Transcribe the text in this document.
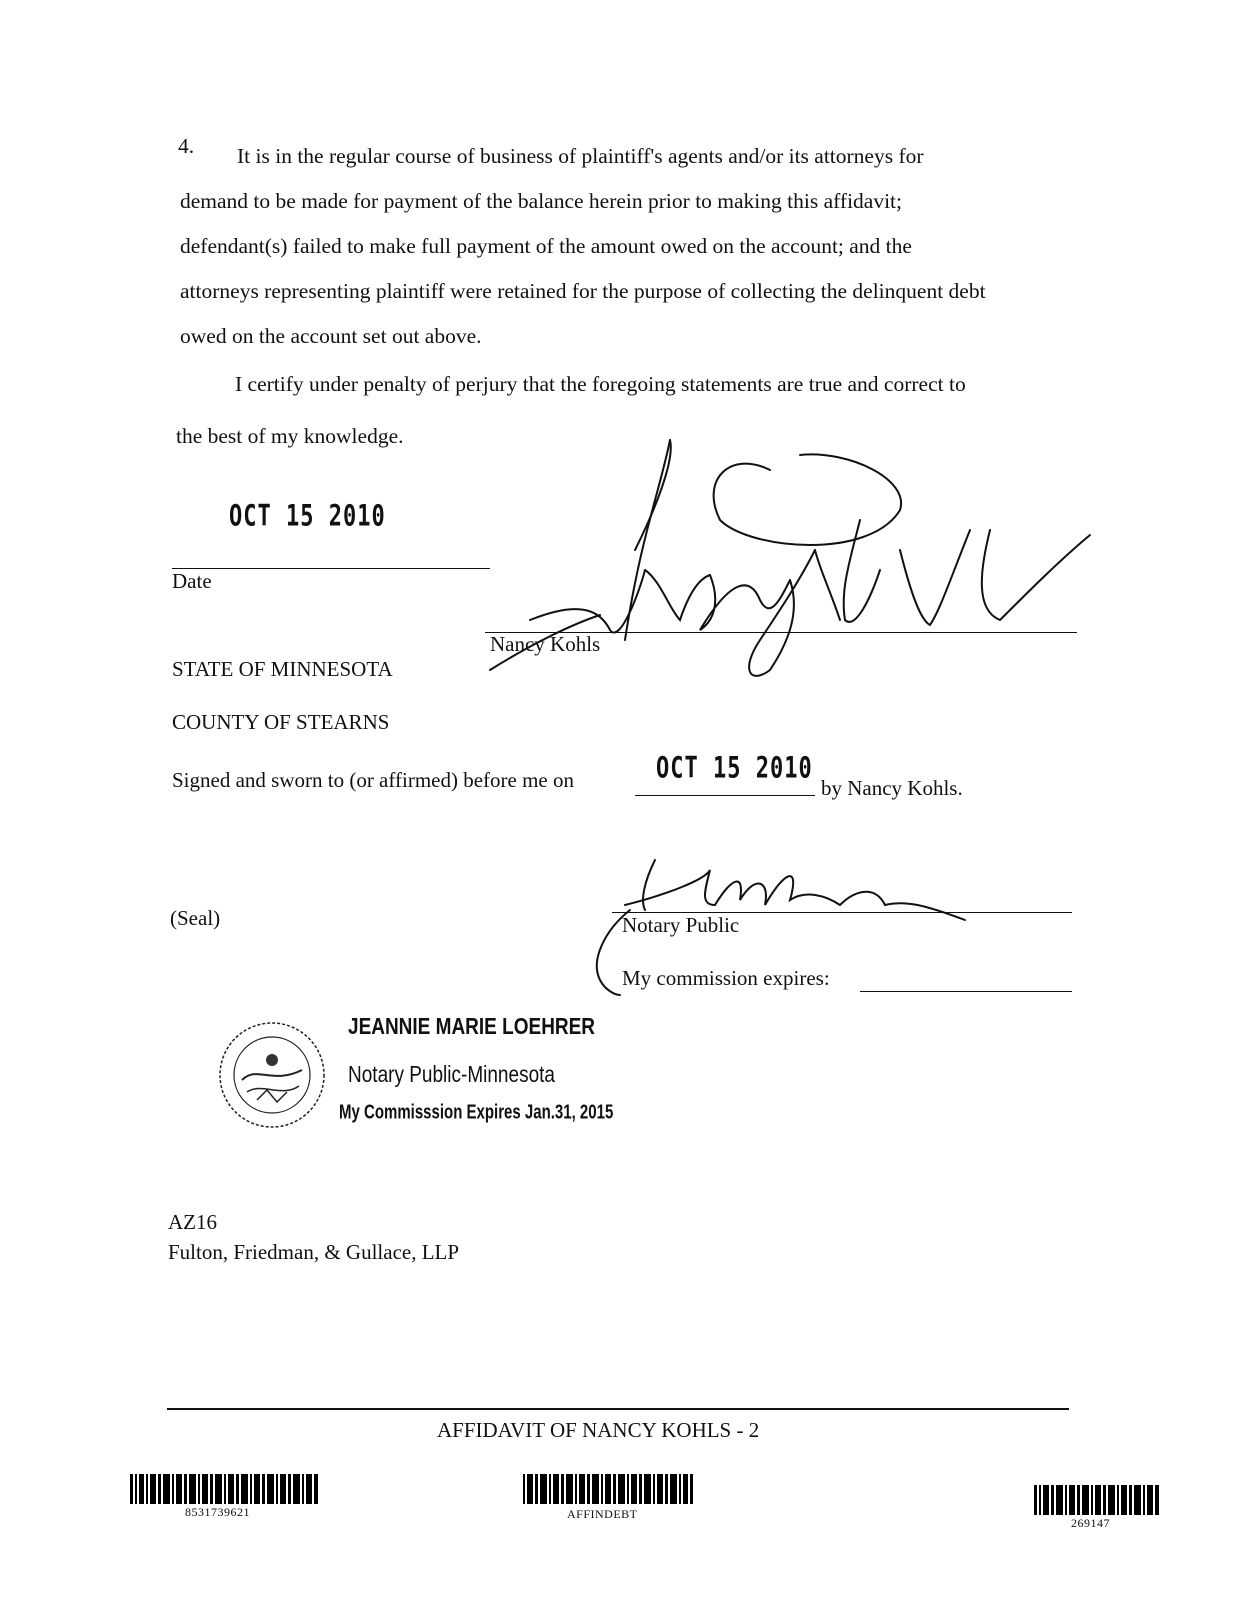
4.	It is in the regular course of business of plaintiff's agents and/or its attorneys for
demand to be made for payment of the balance herein prior to making this affidavit;
defendant(s) failed to make full payment of the amount owed on the account; and the
attorneys representing plaintiff were retained for the purpose of collecting the delinquent debt
owed on the account set out above.
I certify under penalty of perjury that the foregoing statements are true and correct to
the best of my knowledge.
OCT 15 2010
Date
Nancy Kohls
STATE OF MINNESOTA
COUNTY OF STEARNS
Signed and sworn to (or affirmed) before me on	OCT 15 2010
by Nancy Kohls.
(Seal)	Notary Public
My commission expires:
JEANNIE MARIE LOEHRER
Notary Public-Minnesota
My Commisssion Expires Jan.31, 2015
AZ16
Fulton, Friedman, & Gullace, LLP
AFFIDAVIT OF NANCY KOHLS - 2
8531739621	AFFINDEBT
269147
